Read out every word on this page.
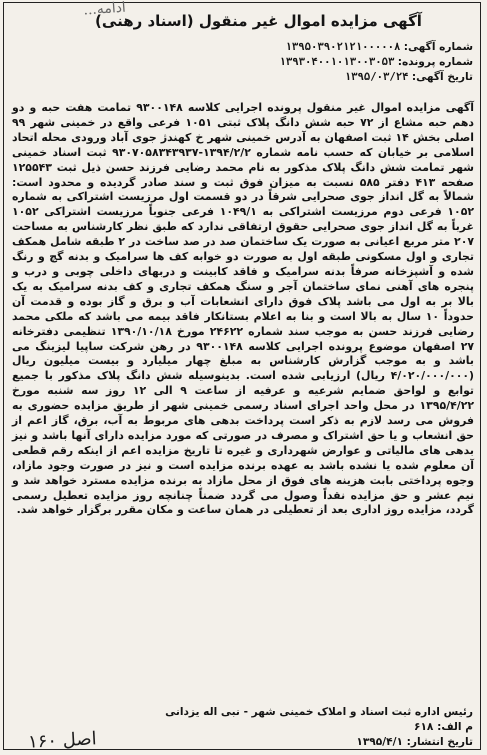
ادامه...
آگهی مزایده اموال غیر منقول (اسناد رهنی)
شماره آگهی: ۱۳۹۵۰۳۹۰۲۱۲۱۰۰۰۰۰۸
شماره پرونده: ۱۳۹۳۰۴۰۰۱۰۱۳۰۰۳۰۵۳
تاریخ آگهی: ۱۳۹۵/۰۳/۲۴
آگهی مزایده اموال غیر منقول پرونده اجرایی کلاسه ۹۳۰۰۱۴۸ تمامت هفت حبه و دو دهم حبه مشاع از ۷۲ حبه شش دانگ پلاک ثبتی ۱۰۵۱ فرعی واقع در خمینی شهر ۹۹ اصلی بخش ۱۴ ثبت اصفهان به آدرس خمینی شهر خ کهندژ جوی آباد ورودی محله اتحاد اسلامی بر خیابان که حسب نامه شماره ۱۳۹۴/۲/۲-۹۳۰۷۰۵۸۳۴۳۹۳۷ ثبت اسناد خمینی شهر تمامت شش دانگ پلاک مذکور به نام محمد رضایی فرزند حسن ذیل ثبت ۱۲۵۵۴۳ صفحه ۴۱۳ دفتر ۵۸۵ نسبت به میزان فوق ثبت و سند صادر گردیده و محدود است: شمالاً به گل انداز جوی صحرایی شرقاً در دو قسمت اول مرزیست اشتراکی به شماره ۱۰۵۲ فرعی دوم مرزیست اشتراکی به ۱۰۴۹/۱ فرعی جنوباً مرزیست اشتراکی ۱۰۵۲ غرباً به گل انداز جوی صحرایی حقوق ارتفاقی ندارد که طبق نظر کارشناس به مساحت ۲۰۷ متر مربع اعیانی به صورت یک ساختمان صد در صد ساخت در ۲ طبقه شامل همکف تجاری و اول مسکونی طبقه اول به صورت دو خوابه کف ها سرامیک و بدنه گچ و رنگ شده و آشپزخانه صرفاً بدنه سرامیک و فاقد کابینت و دربهای داخلی چوبی و درب و پنجره های آهنی نمای ساختمان آجر و سنگ همکف تجاری و کف بدنه سرامیک به یک بالا بر به اول می باشد پلاک فوق دارای انشعابات آب و برق و گاز بوده و قدمت آن حدوداً ۱۰ سال به بالا است و بنا به اعلام بستانکار فاقد بیمه می باشد که ملکی محمد رضایی فرزند حسن به موجب سند شماره ۲۴۶۲۲ مورخ ۱۳۹۰/۱۰/۱۸ تنظیمی دفترخانه ۲۷ اصفهان موضوع پرونده اجرایی کلاسه ۹۳۰۰۱۴۸ در رهن شرکت ساپیا لیزینگ می باشد و به موجب گزارش کارشناس به مبلغ چهار میلیارد و بیست میلیون ریال (۴/۰۲۰/۰۰۰/۰۰۰ ریال) ارزیابی شده است. بدینوسیله شش دانگ پلاک مذکور با جمیع توابع و لواحق ضمایم شرعیه و عرفیه از ساعت ۹ الی ۱۲ روز سه شنبه مورخ ۱۳۹۵/۴/۲۲ در محل واحد اجرای اسناد رسمی خمینی شهر از طریق مزایده حضوری به فروش می رسد لازم به ذکر است پرداخت بدهی های مربوط به آب، برق، گاز اعم از حق انشعاب و یا حق اشتراک و مصرف در صورتی که مورد مزایده دارای آنها باشد و نیز بدهی های مالیاتی و عوارض شهرداری و غیره تا تاریخ مزایده اعم از اینکه رقم قطعی آن معلوم شده یا نشده باشد به عهده برنده مزایده است و نیز در صورت وجود مازاد، وجوه پرداختی بابت هزینه های فوق از محل مازاد به برنده مزایده مسترد خواهد شد و نیم عشر و حق مزایده نقداً وصول می گردد ضمناً چنانچه روز مزایده تعطیل رسمی گردد، مزایده روز اداری بعد از تعطیلی در همان ساعت و مکان مقرر برگزار خواهد شد.
رئیس اداره ثبت اسناد و املاک خمینی شهر - نبی اله یزدانی
م الف: ۶۱۸
تاریخ انتشار: ۱۳۹۵/۴/۱
اصل ۱۶۰
